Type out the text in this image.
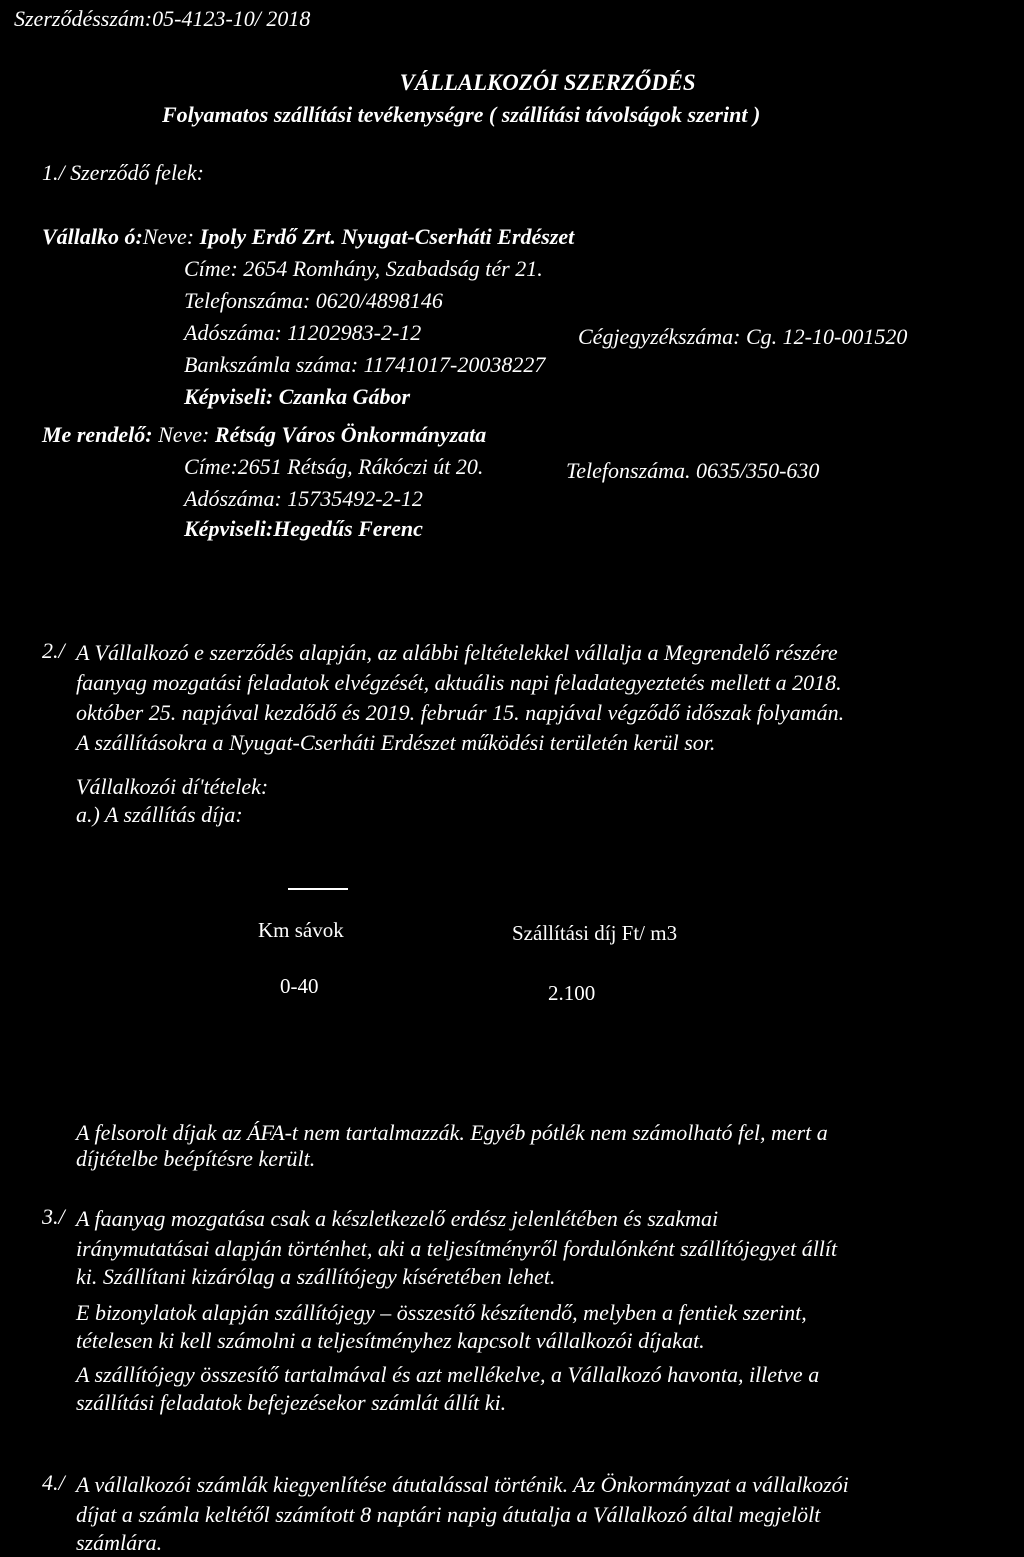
Szerződésszám:05-4123-10/ 2018
VÁLLALKOZÓI SZERZŐDÉS
Folyamatos szállítási tevékenységre ( szállítási távolságok szerint )
1./ Szerződő felek:
Vállalko ó:Neve: Ipoly Erdő Zrt. Nyugat-Cserháti Erdészet
Címe: 2654 Romhány, Szabadság tér 21.
Telefonszáma: 0620/4898146
Adószáma: 11202983-2-12	Cégjegyzékszáma: Cg. 12-10-001520
Bankszámla száma: 11741017-20038227
Képviseli: Czanka Gábor
Me rendelő: Neve: Rétság Város Önkormányzata
Címe:2651 Rétság, Rákóczi út 20.	Telefonszáma. 0635/350-630
Adószáma: 15735492-2-12
Képviseli:Hegedűs Ferenc
2./ A Vállalkozó e szerződés alapján, az alábbi feltételekkel vállalja a Megrendelő részére
faanyag mozgatási feladatok elvégzését, aktuális napi feladategyeztetés mellett a 2018.
október 25. napjával kezdődő és 2019. február 15. napjával végződő időszak folyamán.
A szállításokra a Nyugat-Cserháti Erdészet működési területén kerül sor.
Vállalkozói dí'tételek:
a.) A szállítás díja:
Km sávok	Szállítási díj Ft/ m3
0-40	2.100
A felsorolt díjak az ÁFA-t nem tartalmazzák. Egyéb pótlék nem számolható fel, mert a
díjtételbe beépítésre került.
3./ A faanyag mozgatása csak a készletkezelő erdész jelenlétében és szakmai
iránymutatásai alapján történhet, aki a teljesítményről fordulónként szállítójegyet állít
ki. Szállítani kizárólag a szállítójegy kíséretében lehet.
E bizonylatok alapján szállítójegy – összesítő készítendő, melyben a fentiek szerint,
tételesen ki kell számolni a teljesítményhez kapcsolt vállalkozói díjakat.
A szállítójegy összesítő tartalmával és azt mellékelve, a Vállalkozó havonta, illetve a
szállítási feladatok befejezésekor számlát állít ki.
4./ A vállalkozói számlák kiegyenlítése átutalással történik. Az Önkormányzat a vállalkozói
díjat a számla keltétől számított 8 naptári napig átutalja a Vállalkozó által megjelölt
számlára.
